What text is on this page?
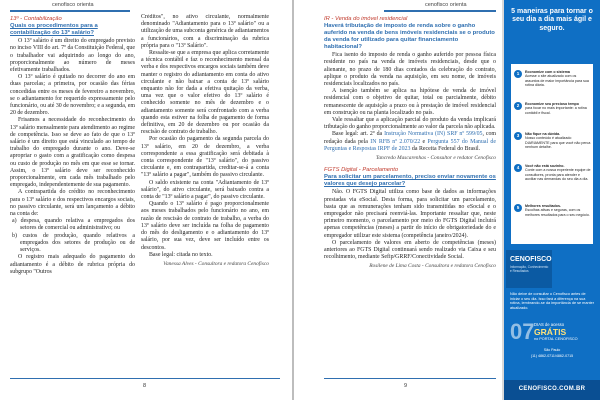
cenofisco orienta
13º - Contabilização
Quais os procedimentos para a contabilização do 13º salário?

O 13º salário é um direito do empregado previsto no inciso VIII do art. 7º da Constituição Federal, que o trabalhador vai adquirindo ao longo do ano, proporcionalmente ao número de meses efetivamente trabalhados.

O 13º salário é quitado no decorrer do ano em duas parcelas; a primeira, por ocasião das férias concedidas entre os meses de fevereiro a novembro, se o adiantamento for requerido expressamente pelo funcionário, ou até 30 de novembro; e a segunda, em 20 de dezembro.

Frisamos a necessidade do reconhecimento do 13º salário mensalmente para atendimento ao regime de competência. Isso se deve ao fato de que o 13º salário é um direito que está vinculado ao tempo de trabalho do empregado durante o ano. Deve-se apropriar o gasto com a gratificação como despesa ou custo de produção no mês em que esse se tornar. Assim, o 13º salário deve ser reconhecido proporcionalmente, em cada mês trabalhado pelo empregado, independentemente de sua pagamento.

A contrapartida do crédito no reconhecimento para o 13º salário e dos respectivos encargos sociais, no passivo circulante, será um lançamento a débito na conta de:

a) despesa, quando relativa a empregados dos setores de comercial ou administrativo; ou

b) custos de produção, quando relativos a empregados dos setores de produção ou de serviços.

O registro mais adequado do pagamento do adiantamento é a débito de rubrica própria do subgrupo "Outros

Créditos", no ativo circulante, normalmente denominado "Adiantamento para o 13º salário" ou a utilização de uma subconta genérica de adiantamentos a funcionários, com a discriminação da rubrica própria para o "13º Salário".

Ressalte-se que a empresa que aplica corretamente a técnica contábil e faz o reconhecimento mensal da verba e dos respectivos encargos sociais também deve manter o registro do adiantamento em conta do ativo circulante e não baixar a conta de 13º salário enquanto não for dada a efetiva quitação da verba, uma vez que o valor efetivo do 13º salário é conhecido somente no mês de dezembro e o adiantamento somente será confrontado com a verba quando esta estiver na folha de pagamento de forma definitiva, em 20 de dezembro ou por ocasião da rescisão de contrato de trabalho.

Por ocasião do pagamento da segunda parcela do 13º salário, em 20 de dezembro, a verba correspondente a essa gratificação será debitada à conta correspondente de "13º salário", do passivo circulante e, em contrapartida, creditar-se-á a conta "13º salário a pagar", também do passivo circulante.

O saldo existente na conta "Adiantamento de 13º salário", do ativo circulante, será baixado contra a conta de "13º salário a pagar", do passivo circulante.

Quando o 13º salário é pago proporcionalmente aos meses trabalhados pelo funcionário no ano, em razão de rescisão de contrato de trabalho, a verba do 13º salário deve ser incluída na folha de pagamento do mês do desligamento e o adiantamento do 13º salário, por sua vez, deve ser incluído entre os descontos.

Base legal: citada no texto.

Vanessa Alves - Consultora e redatora Cenofisco

8
cenofisco orienta
IR - Venda do imóvel residencial
Haverá tributação de imposto de renda sobre o ganho auferido na venda de bens imóveis residenciais se o produto da venda for utilizado para quitar financiamento habitacional?

Fica isento do imposto de renda o ganho auferido por pessoa física residente no país na venda de imóveis residenciais, desde que o alienante, no prazo de 180 dias contados da celebração do contrato, aplique o produto da venda na aquisição, em seu nome, de imóveis residenciais localizados no país.

A isenção também se aplica na hipótese de venda de imóvel residencial com o objetivo de quitar, total ou parcialmente, débito remanescente de aquisição a prazo ou à prestação de imóvel residencial em construção ou na planta localizado no país.

Vale ressaltar que a aplicação parcial do produto da venda implicará tributação do ganho proporcionalmente ao valor da parcela não aplicada.

Base legal: art. 2º da Instrução Normativa (IN) SRF nº 599/05, com redação dada pela IN RFB nº 2.070/22 e Pergunta 557 do Manual de Perguntas e Respostas IRPF de 2023 da Receita Federal do Brasil.

Tancredo Mascarenhas - Consultor e redator Cenofisco

FGTS Digital - Parcelamento
Para solicitar um parcelamento, preciso enviar novamente os valores que desejo parcelar?

Não. O FGTS Digital utiliza como base de dados as informações prestadas via eSocial. Desta forma, para solicitar um parcelamento, basta que as remunerações tenham sido transmitidas no eSocial e o empregador não precisará reenviá-las. Importante ressaltar que, neste primeiro momento, o parcelamento por meio do FGTS Digital incluirá apenas competências (meses) a partir do início de obrigatoriedade do e empregador utilizar este sistema (competência janeiro/2024).

O parcelamento de valores em aberto de competências (meses) anteriores ao FGTS Digital continuará sendo realizado via Caixa e seu recolhimento, mediante Sefip/GRRF/Conectividade Social.

Rosilene de Lima Costa - Consultora e redatora Cenofisco

9
5 maneiras para tornar o seu dia a dia mais ágil e seguro.
1	Economize com o sistema
Acesse o site atualizado com os assuntos de maior importância para sua rotina diária.
2	Economize seu precioso tempo
para focar no mais importante: a rotina contábil e fiscal.
3	Não fique na dúvida.
Nosso conteúdo é atualizado DIARIAMENTE para que você não perca nenhum detalhe.
4	Você não está sozinho.
Conte com a nossa experiente equipe de consultores, pronta para atender e auxiliar nas demandas do seu dia a dia.
5	Melhores resultados.
Escolhas ativas e seguras, com os melhores resultados para o seu negócio.
CENOFISCO
Informação, Conhecimento e Resultados
Não deixe de consultar o Cenofisco antes de iniciar o seu dia. Isso fará a diferença na sua rotina, lembrando-se da importância de se manter atualizado.
07 DIAS de acesso
GRÁTIS
no PORTAL CENOFISCO
São Paulo
(11) 4862-0711/4862-0715
CENOFISCO.COM.BR
